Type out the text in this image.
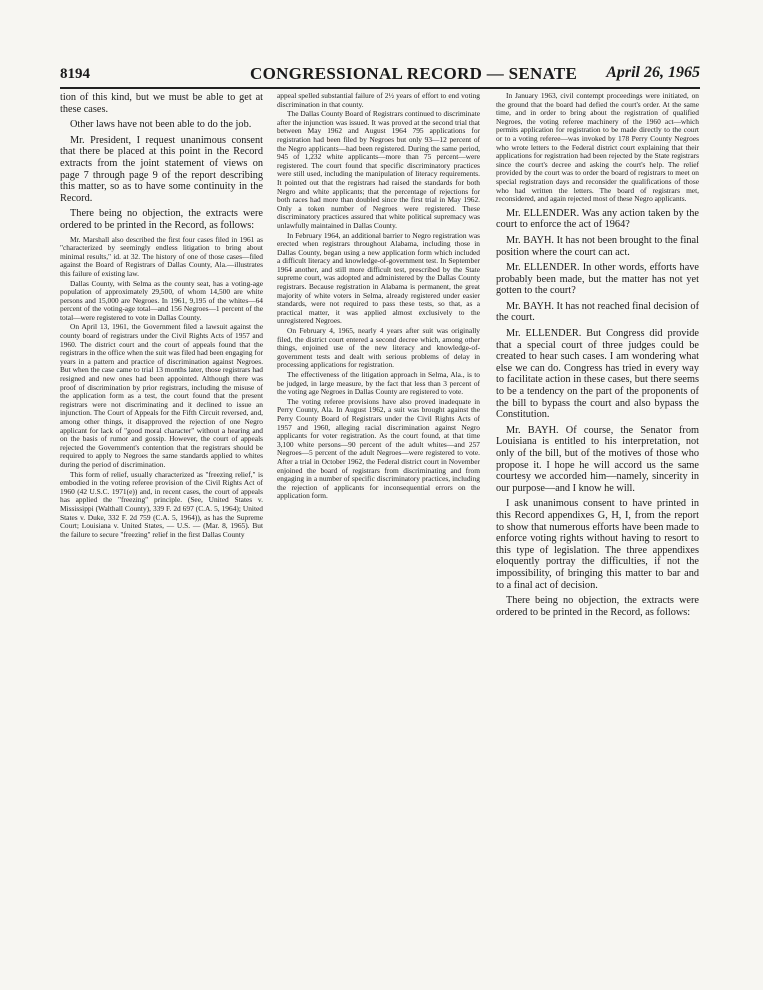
8194	CONGRESSIONAL RECORD — SENATE April 26, 1965

tion of this kind, but we must be able to get at these cases.

Other laws have not been able to do the job.

Mr. President, I request unanimous consent that there be placed at this point in the Record extracts from the joint statement of views on page 7 through page 9 of the report describing this matter, so as to have some continuity in the Record.

There being no objection, the extracts were ordered to be printed in the Record, as follows:

Mr. Marshall also described the first four cases filed in 1961 as "characterized by seemingly endless litigation to bring about minimal results," id. at 32. The history of one of those cases—filed against the Board of Registrars of Dallas County, Ala.—illustrates this failure of existing law.

Dallas County, with Selma as the county seat, has a voting-age population of approximately 29,500, of whom 14,500 are white persons and 15,000 are Negroes. In 1961, 9,195 of the whites—64 percent of the voting-age total—and 156 Negroes—1 percent of the total—were registered to vote in Dallas County.

On April 13, 1961, the Government filed a lawsuit against the county board of registrars under the Civil Rights Acts of 1957 and 1960. The district court and the court of appeals found that the registrars in the office when the suit was filed had been engaging for years in a pattern and practice of discrimination against Negroes. But when the case came to trial 13 months later, those registrars had resigned and new ones had been appointed. Although there was proof of discrimination by prior registrars, including the misuse of the application form as a test, the court found that the present registrars were not discriminating and it declined to issue an injunction. The Court of Appeals for the Fifth Circuit reversed, and, among other things, it disapproved the rejection of one Negro applicant for lack of "good moral character" without a hearing and on the basis of rumor and gossip. However, the court of appeals rejected the Government's contention that the registrars should be required to apply to Negroes the same standards applied to whites during the period of discrimination.

This form of relief, usually characterized as "freezing relief," is embodied in the voting referee provision of the Civil Rights Act of 1960 (42 U.S.C. 1971(e)) and, in recent cases, the court of appeals has applied the "freezing" principle. (See, United States v. Mississippi (Walthall County), 339 F. 2d 697 (C.A. 5, 1964); United States v. Duke, 332 F. 2d 759 (C.A. 5, 1964)), as has the Supreme Court; Louisiana v. United States, — U.S. — (Mar. 8, 1965). But the failure to secure "freezing" relief in the first Dallas County

appeal spelled substantial failure of 2½ years of effort to end voting discrimination in that county.

The Dallas County Board of Registrars continued to discriminate after the injunction was issued. It was proved at the second trial that between May 1962 and August 1964 795 applications for registration had been filed by Negroes but only 93—12 percent of the Negro applicants—had been registered. During the same period, 945 of 1,232 white applicants—more than 75 percent—were registered. The court found that specific discriminatory practices were still used, including the manipulation of literacy requirements. It pointed out that the registrars had raised the standards for both Negro and white applicants; that the percentage of rejections for both races had more than doubled since the first trial in May 1962. Only a token number of Negroes were registered. These discriminatory practices assured that white political supremacy was unlawfully maintained in Dallas County.

In February 1964, an additional barrier to Negro registration was erected when registrars throughout Alabama, including those in Dallas County, began using a new application form which included a difficult literacy and knowledge-of-government test. In September 1964 another, and still more difficult test, prescribed by the State supreme court, was adopted and administered by the Dallas County registrars. Because registration in Alabama is permanent, the great majority of white voters in Selma, already registered under easier standards, were not required to pass these tests, so that, as a practical matter, it was applied almost exclusively to the unregistered Negroes.

On February 4, 1965, nearly 4 years after suit was originally filed, the district court entered a second decree which, among other things, enjoined use of the new literacy and knowledge-of-government tests and dealt with serious problems of delay in processing applications for registration.

The effectiveness of the litigation approach in Selma, Ala., is to be judged, in large measure, by the fact that less than 3 percent of the voting age Negroes in Dallas County are registered to vote.

The voting referee provisions have also proved inadequate in Perry County, Ala. In August 1962, a suit was brought against the Perry County Board of Registrars under the Civil Rights Acts of 1957 and 1960, alleging racial discrimination against Negro applicants for voter registration. As the court found, at that time 3,100 white persons—90 percent of the adult whites—and 257 Negroes—5 percent of the adult Negroes—were registered to vote. After a trial in October 1962, the Federal district court in November enjoined the board of registrars from discriminating and from engaging in a number of specific discriminatory practices, including the rejection of applicants for inconsequential errors on the application form.

In January 1963, civil contempt proceedings were initiated, on the ground that the board had defied the court's order. At the same time, and in order to bring about the registration of qualified Negroes, the voting referee machinery of the 1960 act—which permits application for registration to be made directly to the court or to a voting referee—was invoked by 178 Perry County Negroes who wrote letters to the Federal district court explaining that their applications for registration had been rejected by the State registrars since the court's decree and asking the court's help. The relief provided by the court was to order the board of registrars to meet on special registration days and reconsider the qualifications of those who had written the letters. The board of registrars met, reconsidered, and again rejected most of these Negro applicants.

Mr. ELLENDER. Was any action taken by the court to enforce the act of 1964?

Mr. BAYH. It has not been brought to the final position where the court can act.

Mr. ELLENDER. In other words, efforts have probably been made, but the matter has not yet gotten to the court?

Mr. BAYH. It has not reached final decision of the court.

Mr. ELLENDER. But Congress did provide that a special court of three judges could be created to hear such cases. I am wondering what else we can do. Congress has tried in every way to facilitate action in these cases, but there seems to be a tendency on the part of the proponents of the bill to bypass the court and also bypass the Constitution.

Mr. BAYH. Of course, the Senator from Louisiana is entitled to his interpretation, not only of the bill, but of the motives of those who propose it. I hope he will accord us the same courtesy we accorded him—namely, sincerity in our purpose—and I know he will.

I ask unanimous consent to have printed in this Record appendixes G, H, I, from the report to show that numerous efforts have been made to enforce voting rights without having to resort to this type of legislation. The three appendixes eloquently portray the difficulties, if not the impossibility, of bringing this matter to bar and to a final act of decision.

There being no objection, the extracts were ordered to be printed in the Record, as follows:
